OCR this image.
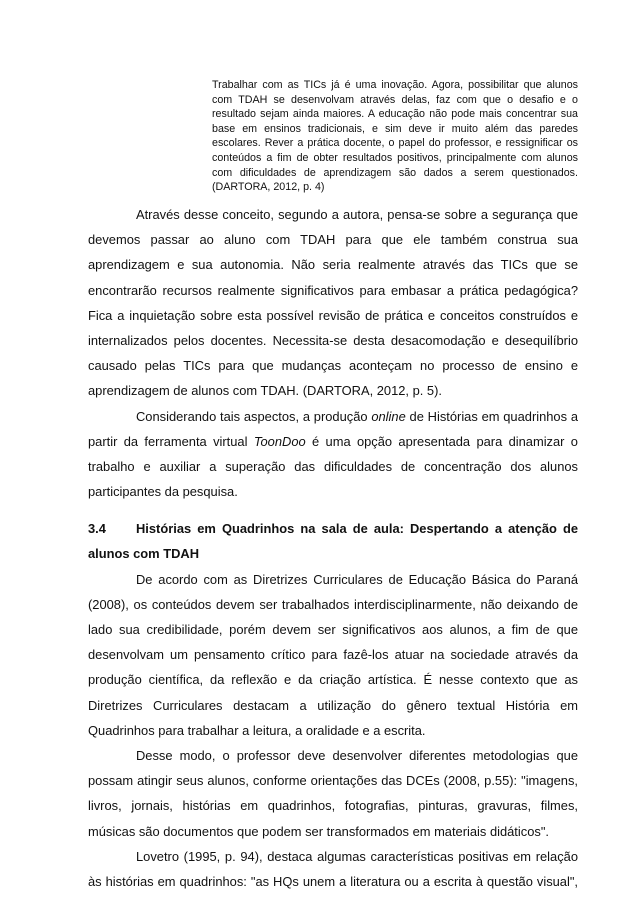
Trabalhar com as TICs já é uma inovação. Agora, possibilitar que alunos
com TDAH se desenvolvam através delas, faz com que o desafio e o
resultado sejam ainda maiores. A educação não pode mais concentrar sua
base em ensinos tradicionais, e sim deve ir muito além das paredes
escolares. Rever a prática docente, o papel do professor, e ressignificar os
conteúdos a fim de obter resultados positivos, principalmente com alunos
com dificuldades de aprendizagem são dados a serem questionados.
(DARTORA, 2012, p. 4)
Através desse conceito, segundo a autora, pensa-se sobre a segurança que
devemos passar ao aluno com TDAH para que ele também construa sua
aprendizagem e sua autonomia. Não seria realmente através das TICs que se
encontrarão recursos realmente significativos para embasar a prática pedagógica?
Fica a inquietação sobre esta possível revisão de prática e conceitos construídos e
internalizados pelos docentes. Necessita-se desta desacomodação e desequilíbrio
causado pelas TICs para que mudanças aconteçam no processo de ensino e
aprendizagem de alunos com TDAH. (DARTORA, 2012, p. 5).
Considerando tais aspectos, a produção online de Histórias em quadrinhos a
partir da ferramenta virtual ToonDoo é uma opção apresentada para dinamizar o
trabalho e auxiliar a superação das dificuldades de concentração dos alunos
participantes da pesquisa.
3.4 Histórias em Quadrinhos na sala de aula: Despertando a atenção de
alunos com TDAH
De acordo com as Diretrizes Curriculares de Educação Básica do Paraná
(2008), os conteúdos devem ser trabalhados interdisciplinarmente, não deixando de
lado sua credibilidade, porém devem ser significativos aos alunos, a fim de que
desenvolvam um pensamento crítico para fazê-los atuar na sociedade através da
produção científica, da reflexão e da criação artística. É nesse contexto que as
Diretrizes Curriculares destacam a utilização do gênero textual História em
Quadrinhos para trabalhar a leitura, a oralidade e a escrita.
Desse modo, o professor deve desenvolver diferentes metodologias que
possam atingir seus alunos, conforme orientações das DCEs (2008, p.55): "imagens,
livros, jornais, histórias em quadrinhos, fotografias, pinturas, gravuras, filmes,
músicas são documentos que podem ser transformados em materiais didáticos".
Lovetro (1995, p. 94), destaca algumas características positivas em relação
às histórias em quadrinhos: "as HQs unem a literatura ou a escrita à questão visual",
